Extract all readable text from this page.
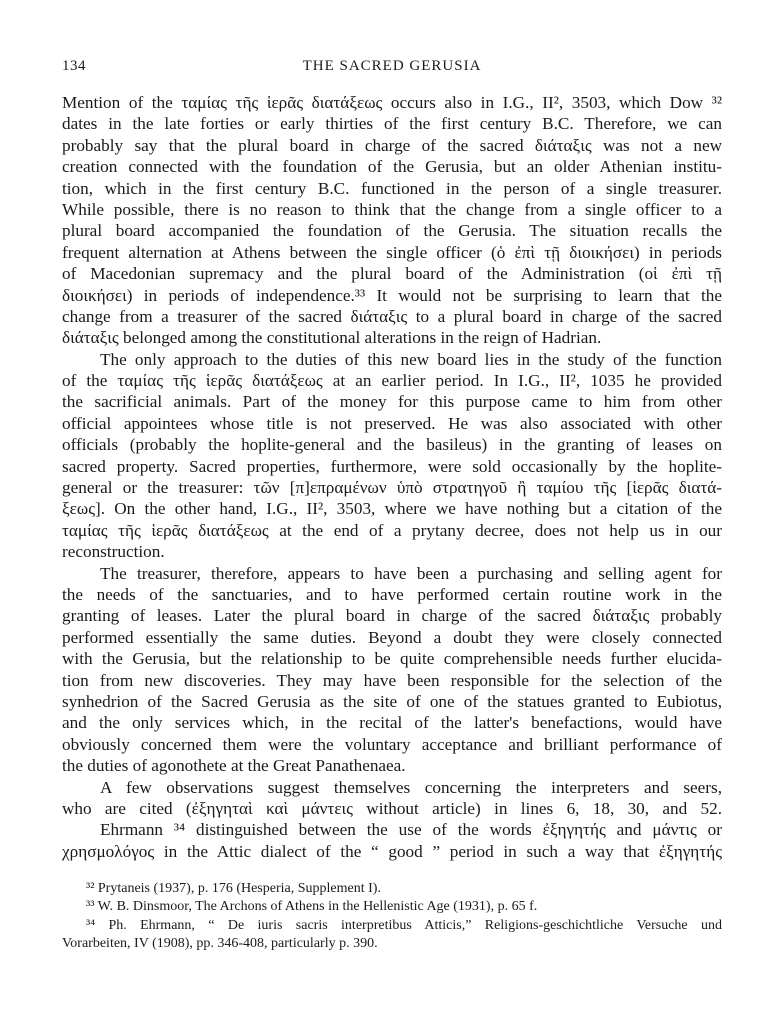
134	THE SACRED GERUSIA
Mention of the ταμίας τῆς ἱερᾶς διατάξεως occurs also in I.G., II², 3503, which Dow ³²
dates in the late forties or early thirties of the first century B.C. Therefore, we can
probably say that the plural board in charge of the sacred διάταξις was not a new
creation connected with the foundation of the Gerusia, but an older Athenian institu-
tion, which in the first century B.C. functioned in the person of a single treasurer.
While possible, there is no reason to think that the change from a single officer to a
plural board accompanied the foundation of the Gerusia. The situation recalls the
frequent alternation at Athens between the single officer (ὁ ἐπὶ τῇ διοικήσει) in periods
of Macedonian supremacy and the plural board of the Administration (οἱ ἐπὶ τῇ
διοικήσει) in periods of independence.³³ It would not be surprising to learn that the
change from a treasurer of the sacred διάταξις to a plural board in charge of the sacred
διάταξις belonged among the constitutional alterations in the reign of Hadrian.
The only approach to the duties of this new board lies in the study of the function
of the ταμίας τῆς ἱερᾶς διατάξεως at an earlier period. In I.G., II², 1035 he provided
the sacrificial animals. Part of the money for this purpose came to him from other
official appointees whose title is not preserved. He was also associated with other
officials (probably the hoplite-general and the basileus) in the granting of leases on
sacred property. Sacred properties, furthermore, were sold occasionally by the hoplite-
general or the treasurer: τῶν [π]επραμένων ὑπὸ στρατηγοῦ ἢ ταμίου τῆς [ἱερᾶς διατά-
ξεως]. On the other hand, I.G., II², 3503, where we have nothing but a citation of the
ταμίας τῆς ἱερᾶς διατάξεως at the end of a prytany decree, does not help us in our
reconstruction.
The treasurer, therefore, appears to have been a purchasing and selling agent for
the needs of the sanctuaries, and to have performed certain routine work in the
granting of leases. Later the plural board in charge of the sacred διάταξις probably
performed essentially the same duties. Beyond a doubt they were closely connected
with the Gerusia, but the relationship to be quite comprehensible needs further elucida-
tion from new discoveries. They may have been responsible for the selection of the
synhedrion of the Sacred Gerusia as the site of one of the statues granted to Eubiotus,
and the only services which, in the recital of the latter's benefactions, would have
obviously concerned them were the voluntary acceptance and brilliant performance of
the duties of agonothete at the Great Panathenaea.
A few observations suggest themselves concerning the interpreters and seers,
who are cited (ἐξηγηταὶ καὶ μάντεις without article) in lines 6, 18, 30, and 52.
Ehrmann ³⁴ distinguished between the use of the words ἐξηγητής and μάντις or
χρησμολόγος in the Attic dialect of the “ good ” period in such a way that ἐξηγητής
³² Prytaneis (1937), p. 176 (Hesperia, Supplement I).
³³ W. B. Dinsmoor, The Archons of Athens in the Hellenistic Age (1931), p. 65 f.
³⁴ Ph. Ehrmann, “ De iuris sacris interpretibus Atticis,” Religions-geschichtliche Versuche und
Vorarbeiten, IV (1908), pp. 346-408, particularly p. 390.
